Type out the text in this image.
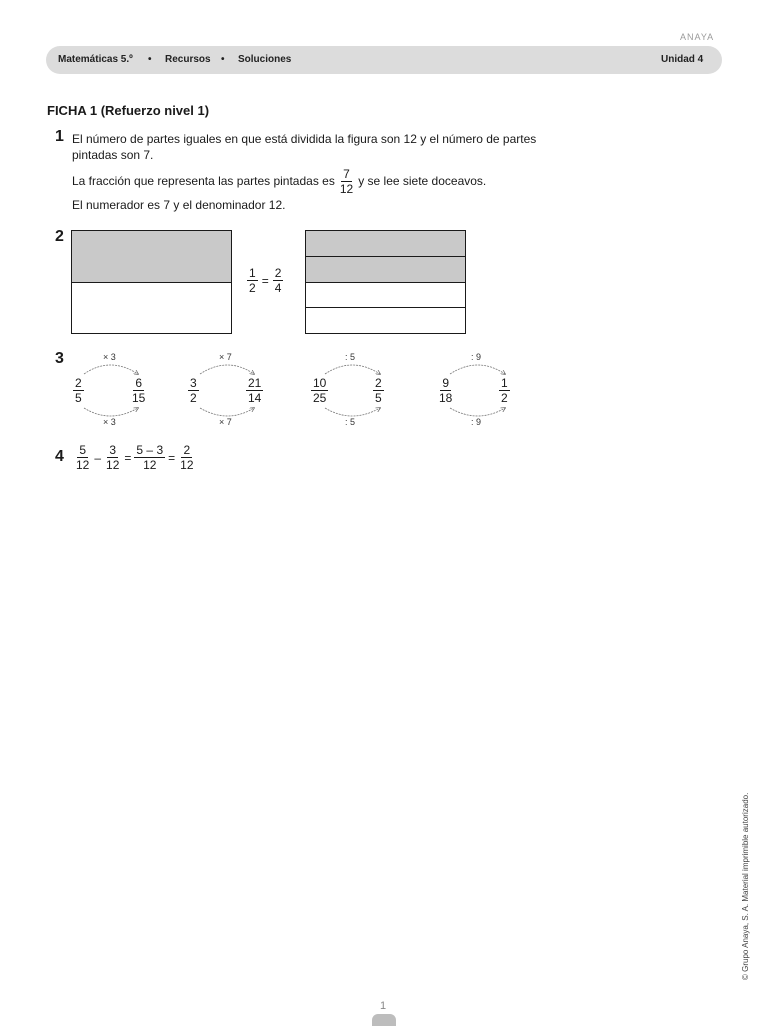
ANAYA
Matemáticas 5.º • Recursos • Soluciones	Unidad 4
FICHA 1 (Refuerzo nivel 1)
1 El número de partes iguales en que está dividida la figura son 12 y el número de partes
pintadas son 7.
La fracción que representa las partes pintadas es $\frac{7}{12}$ y se lee siete doceavos.
El numerador es 7 y el denominador 12.
2
$\frac{1}{2} = \frac{2}{4}$
3	× 3
× 3
$\frac{2}{5}$	$\frac{6}{15}$
× 7
× 7
$\frac{3}{2}$	$\frac{21}{14}$
: 5
: 5
$\frac{10}{25}$	$\frac{2}{5}$
: 9
: 9
$\frac{9}{18}$	$\frac{1}{2}$
$4 \frac{5}{12} - \frac{3}{12} = \frac{5 - 3}{12} = \frac{2}{12}$
© Grupo Anaya, S. A. Material imprimible autorizado.
1
